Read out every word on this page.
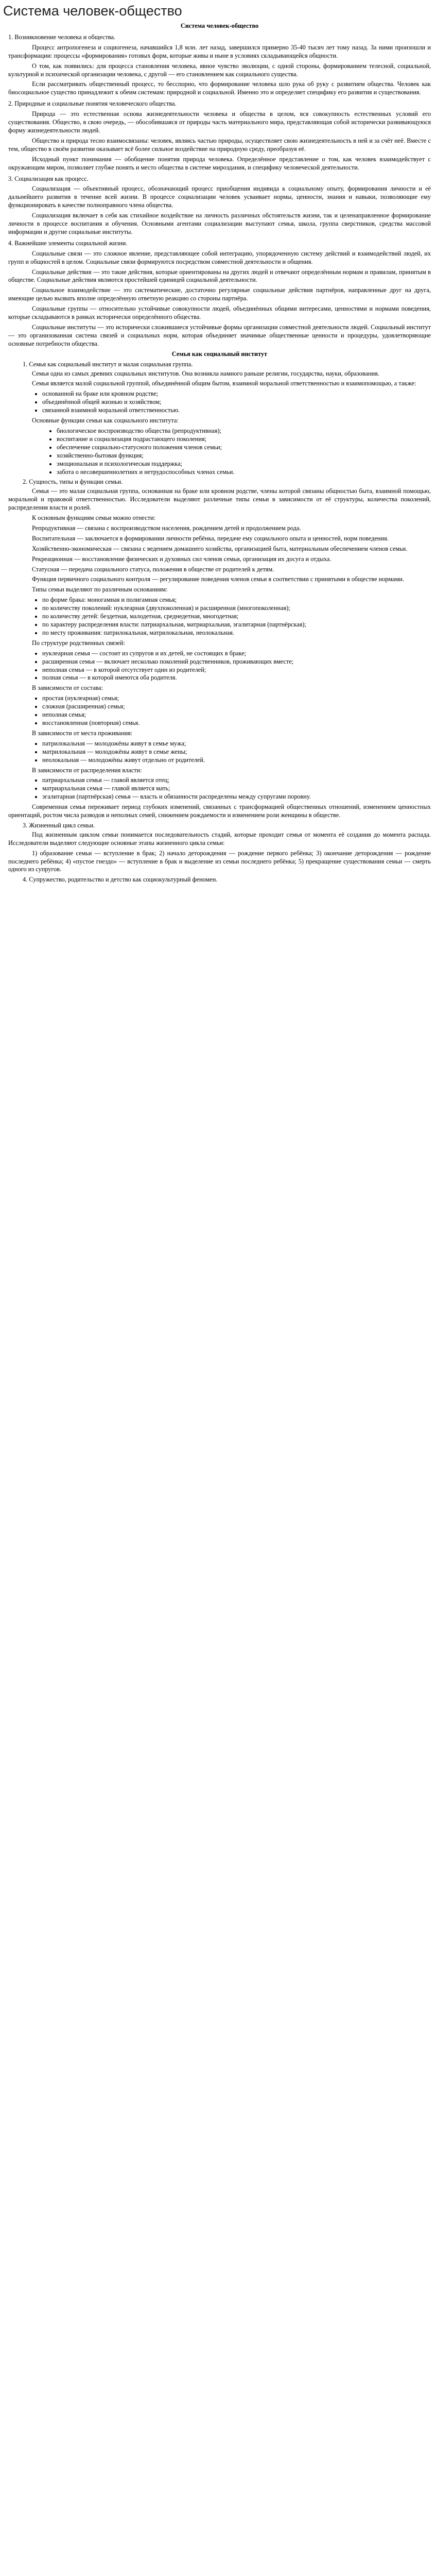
Система человек-общество
Система человек-общество
1. Возникновение человека и общества.

Процесс антропогенеза и социогенеза, начавшийся 1,8 млн. лет назад, завершился примерно 35-40 тысяч лет тому назад. За ними произошли и трансформации: процессы «формирования» готовых форм, которые живы и ныне в условиях складывающейся общности.

О том, как появились: для процесса становления человека, явное чувство эволюции, с одной стороны, формированием телесной, социальной, культурной и психической организации человека, с другой — его становлением как социального существа.

Если рассматривать общественный процесс, то бесспорно, что формирование человека шло рука об руку с развитием общества. Человек как биосоциальное существо принадлежит к обеим системам: природной и социальной. Именно это и определяет специфику его развития и существования.

2. Природные и социальные понятия человеческого общества.

Природа — это естественная основа жизнедеятельности человека и общества в целом, вся совокупность естественных условий его существования. Общество, в свою очередь, — обособившаяся от природы часть материального мира, представляющая собой исторически развивающуюся форму жизнедеятельности людей.

Общество и природа тесно взаимосвязаны: человек, являясь частью природы, осуществляет свою жизнедеятельность в ней и за счёт неё. Вместе с тем, общество в своём развитии оказывает всё более сильное воздействие на природную среду, преобразуя её.

Исходный пункт понимания — обобщение понятия природа человека. Определённое представление о том, как человек взаимодействует с окружающим миром, позволяет глубже понять и место общества в системе мироздания, и специфику человеческой деятельности.

3. Социализация как процесс.

Социализация — объективный процесс, обозначающий процесс приобщения индивида к социальному опыту, формирования личности и её дальнейшего развития в течение всей жизни. В процессе социализации человек усваивает нормы, ценности, знания и навыки, позволяющие ему функционировать в качестве полноправного члена общества.

Социализация включает в себя как стихийное воздействие на личность различных обстоятельств жизни, так и целенаправленное формирование личности в процессе воспитания и обучения. Основными агентами социализации выступают семья, школа, группа сверстников, средства массовой информации и другие социальные институты.

4. Важнейшие элементы социальной жизни.

Социальные связи — это сложное явление, представляющее собой интеграцию, упорядоченную систему действий и взаимодействий людей, их групп и общностей в целом. Социальные связи формируются посредством совместной деятельности и общения.

Социальные действия — это такие действия, которые ориентированы на других людей и отвечают определённым нормам и правилам, принятым в обществе. Социальные действия являются простейшей единицей социальной деятельности.

Социальное взаимодействие — это систематические, достаточно регулярные социальные действия партнёров, направленные друг на друга, имеющие целью вызвать вполне определённую ответную реакцию со стороны партнёра.

Социальные группы — относительно устойчивые совокупности людей, объединённых общими интересами, ценностями и нормами поведения, которые складываются в рамках исторически определённого общества.

Социальные институты — это исторически сложившиеся устойчивые формы организации совместной деятельности людей. Социальный институт — это организованная система связей и социальных норм, которая объединяет значимые общественные ценности и процедуры, удовлетворяющие основные потребности общества.

Семья как социальный институт
1. Семья как социальный институт и малая социальная группа.

Семья одна из самых древних социальных институтов. Она возникла намного раньше религии, государства, науки, образования.

Семья является малой социальной группой, объединённой общим бытом, взаимной моральной ответственностью и взаимопомощью, а также:

• основанной на браке или кровном родстве;
• объединённой общей жизнью и хозяйством;
• связанной взаимной моральной ответственностью.

Основные функции семьи как социального института:

• биологическое воспроизводство общества (репродуктивная);
• воспитание и социализация подрастающего поколения;
• обеспечение социально-статусного положения членов семьи;
• хозяйственно-бытовая функция;
• эмоциональная и психологическая поддержка;
• забота о несовершеннолетних и нетрудоспособных членах семьи.
2. Сущность, типы и функции семьи.

Семья — это малая социальная группа, основанная на браке или кровном родстве, члены которой связаны общностью быта, взаимной помощью, моральной и правовой ответственностью. Исследователи выделяют различные типы семьи в зависимости от её структуры, количества поколений, распределения власти и ролей.

К основным функциям семьи можно отнести:

Репродуктивная — связана с воспроизводством населения, рождением детей и продолжением рода.

Воспитательная — заключается в формировании личности ребёнка, передаче ему социального опыта и ценностей, норм поведения.

Хозяйственно-экономическая — связана с ведением домашнего хозяйства, организацией быта, материальным обеспечением членов семьи.

Рекреационная — восстановление физических и духовных сил членов семьи, организация их досуга и отдыха.

Статусная — передача социального статуса, положения в обществе от родителей к детям.

Функция первичного социального контроля — регулирование поведения членов семьи в соответствии с принятыми в обществе нормами.

Типы семьи выделяют по различным основаниям:

• по форме брака: моногамная и полигамная семья;
• по количеству поколений: нуклеарная (двухпоколенная) и расширенная (многопоколенная);
• по количеству детей: бездетная, малодетная, среднедетная, многодетная;
• по характеру распределения власти: патриархальная, матриархальная, эгалитарная (партнёрская);
• по месту проживания: патрилокальная, матрилокальная, неолокальная.

По структуре родственных связей:

• нуклеарная семья — состоит из супругов и их детей, не состоящих в браке;
• расширенная семья — включает несколько поколений родственников, проживающих вместе;
• неполная семья — в которой отсутствует один из родителей;
• полная семья — в которой имеются оба родителя.

В зависимости от состава:

• простая (нуклеарная) семья;
• сложная (расширенная) семья;
• неполная семья;
• восстановленная (повторная) семья.

В зависимости от места проживания:

• патрилокальная — молодожёны живут в семье мужа;
• матрилокальная — молодожёны живут в семье жены;
• неолокальная — молодожёны живут отдельно от родителей.

В зависимости от распределения власти:

• патриархальная семья — главой является отец;
• матриархальная семья — главой является мать;
• эгалитарная (партнёрская) семья — власть и обязанности распределены между супругами поровну.

Современная семья переживает период глубоких изменений, связанных с трансформацией общественных отношений, изменением ценностных ориентаций, ростом числа разводов и неполных семей, снижением рождаемости и изменением роли женщины в обществе.

3. Жизненный цикл семьи.

Под жизненным циклом семьи понимается последовательность стадий, которые проходит семья от момента её создания до момента распада. Исследователи выделяют следующие основные этапы жизненного цикла семьи:

1) образование семьи — вступление в брак; 2) начало деторождения — рождение первого ребёнка; 3) окончание деторождения — рождение последнего ребёнка; 4) «пустое гнездо» — вступление в брак и выделение из семьи последнего ребёнка; 5) прекращение существования семьи — смерть одного из супругов.

4. Супружество, родительство и детство как социокультурный феномен.
